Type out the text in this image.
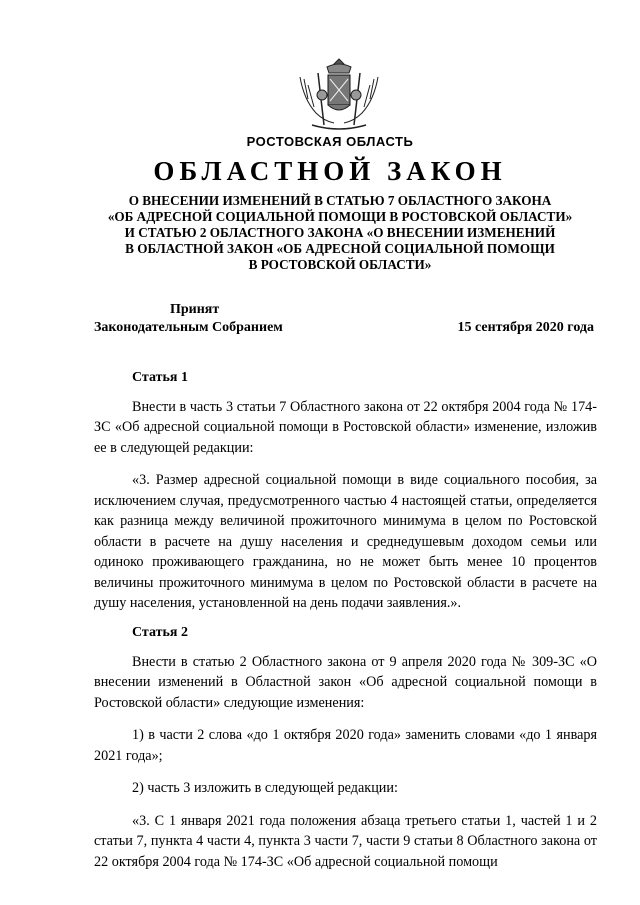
РОСТОВСКАЯ ОБЛАСТЬ
ОБЛАСТНОЙ ЗАКОН
О ВНЕСЕНИИ ИЗМЕНЕНИЙ В СТАТЬЮ 7 ОБЛАСТНОГО ЗАКОНА
«ОБ АДРЕСНОЙ СОЦИАЛЬНОЙ ПОМОЩИ В РОСТОВСКОЙ ОБЛАСТИ»
И СТАТЬЮ 2 ОБЛАСТНОГО ЗАКОНА «О ВНЕСЕНИИ ИЗМЕНЕНИЙ
В ОБЛАСТНОЙ ЗАКОН «ОБ АДРЕСНОЙ СОЦИАЛЬНОЙ ПОМОЩИ
В РОСТОВСКОЙ ОБЛАСТИ»
Принят
Законодательным Собранием	15 сентября 2020 года

Статья 1

Внести в часть 3 статьи 7 Областного закона от 22 октября 2004 года № 174-ЗС «Об адресной социальной помощи в Ростовской области» изменение, изложив ее в следующей редакции:

«3. Размер адресной социальной помощи в виде социального пособия, за исключением случая, предусмотренного частью 4 настоящей статьи, определяется как разница между величиной прожиточного минимума в целом по Ростовской области в расчете на душу населения и среднедушевым доходом семьи или одиноко проживающего гражданина, но не может быть менее 10 процентов величины прожиточного минимума в целом по Ростовской области в расчете на душу населения, установленной на день подачи заявления.».

Статья 2

Внести в статью 2 Областного закона от 9 апреля 2020 года № 309-ЗС «О внесении изменений в Областной закон «Об адресной социальной помощи в Ростовской области» следующие изменения:

1) в части 2 слова «до 1 октября 2020 года» заменить словами «до 1 января 2021 года»;

2) часть 3 изложить в следующей редакции:

«3. С 1 января 2021 года положения абзаца третьего статьи 1, частей 1 и 2 статьи 7, пункта 4 части 4, пункта 3 части 7, части 9 статьи 8 Областного закона от 22 октября 2004 года № 174-ЗС «Об адресной социальной помощи
